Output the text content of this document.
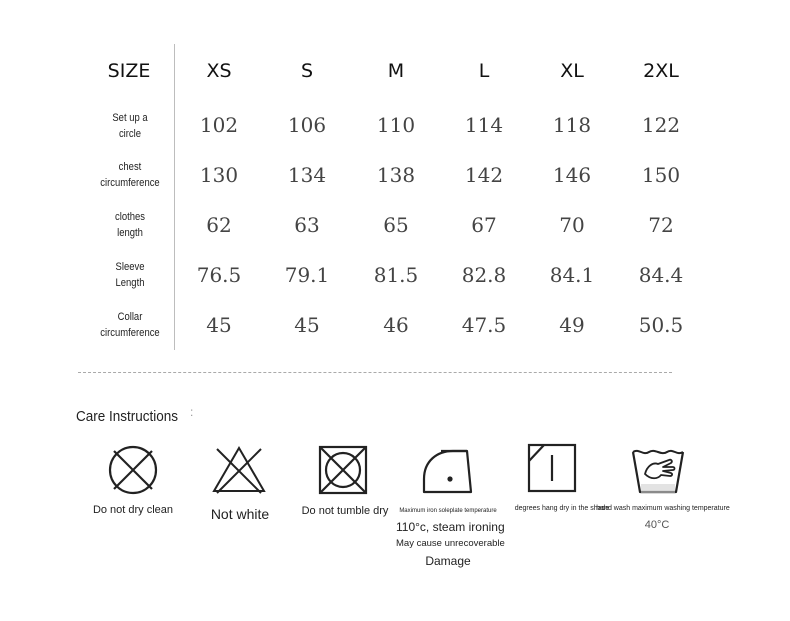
SIZE	XS	S	M	L	XL	2XL
Set up a
circle	102	106	110	114	118	122
chest
circumference	130	134	138	142	146	150
clothes
length	62	63	65	67	70	72
Sleeve
Length	76.5	79.1	81.5	82.8	84.1	84.4
Collar
circumference	45	45	46	47.5	49	50.5
Care Instructions :
Do not dry clean	Not white	Do not tumble dry	Maximum iron soleplate temperature
110°c, steam ironing
May cause unrecoverable
Damage
degrees hang dry in the shade
hand wash maximum washing temperature
40°C
